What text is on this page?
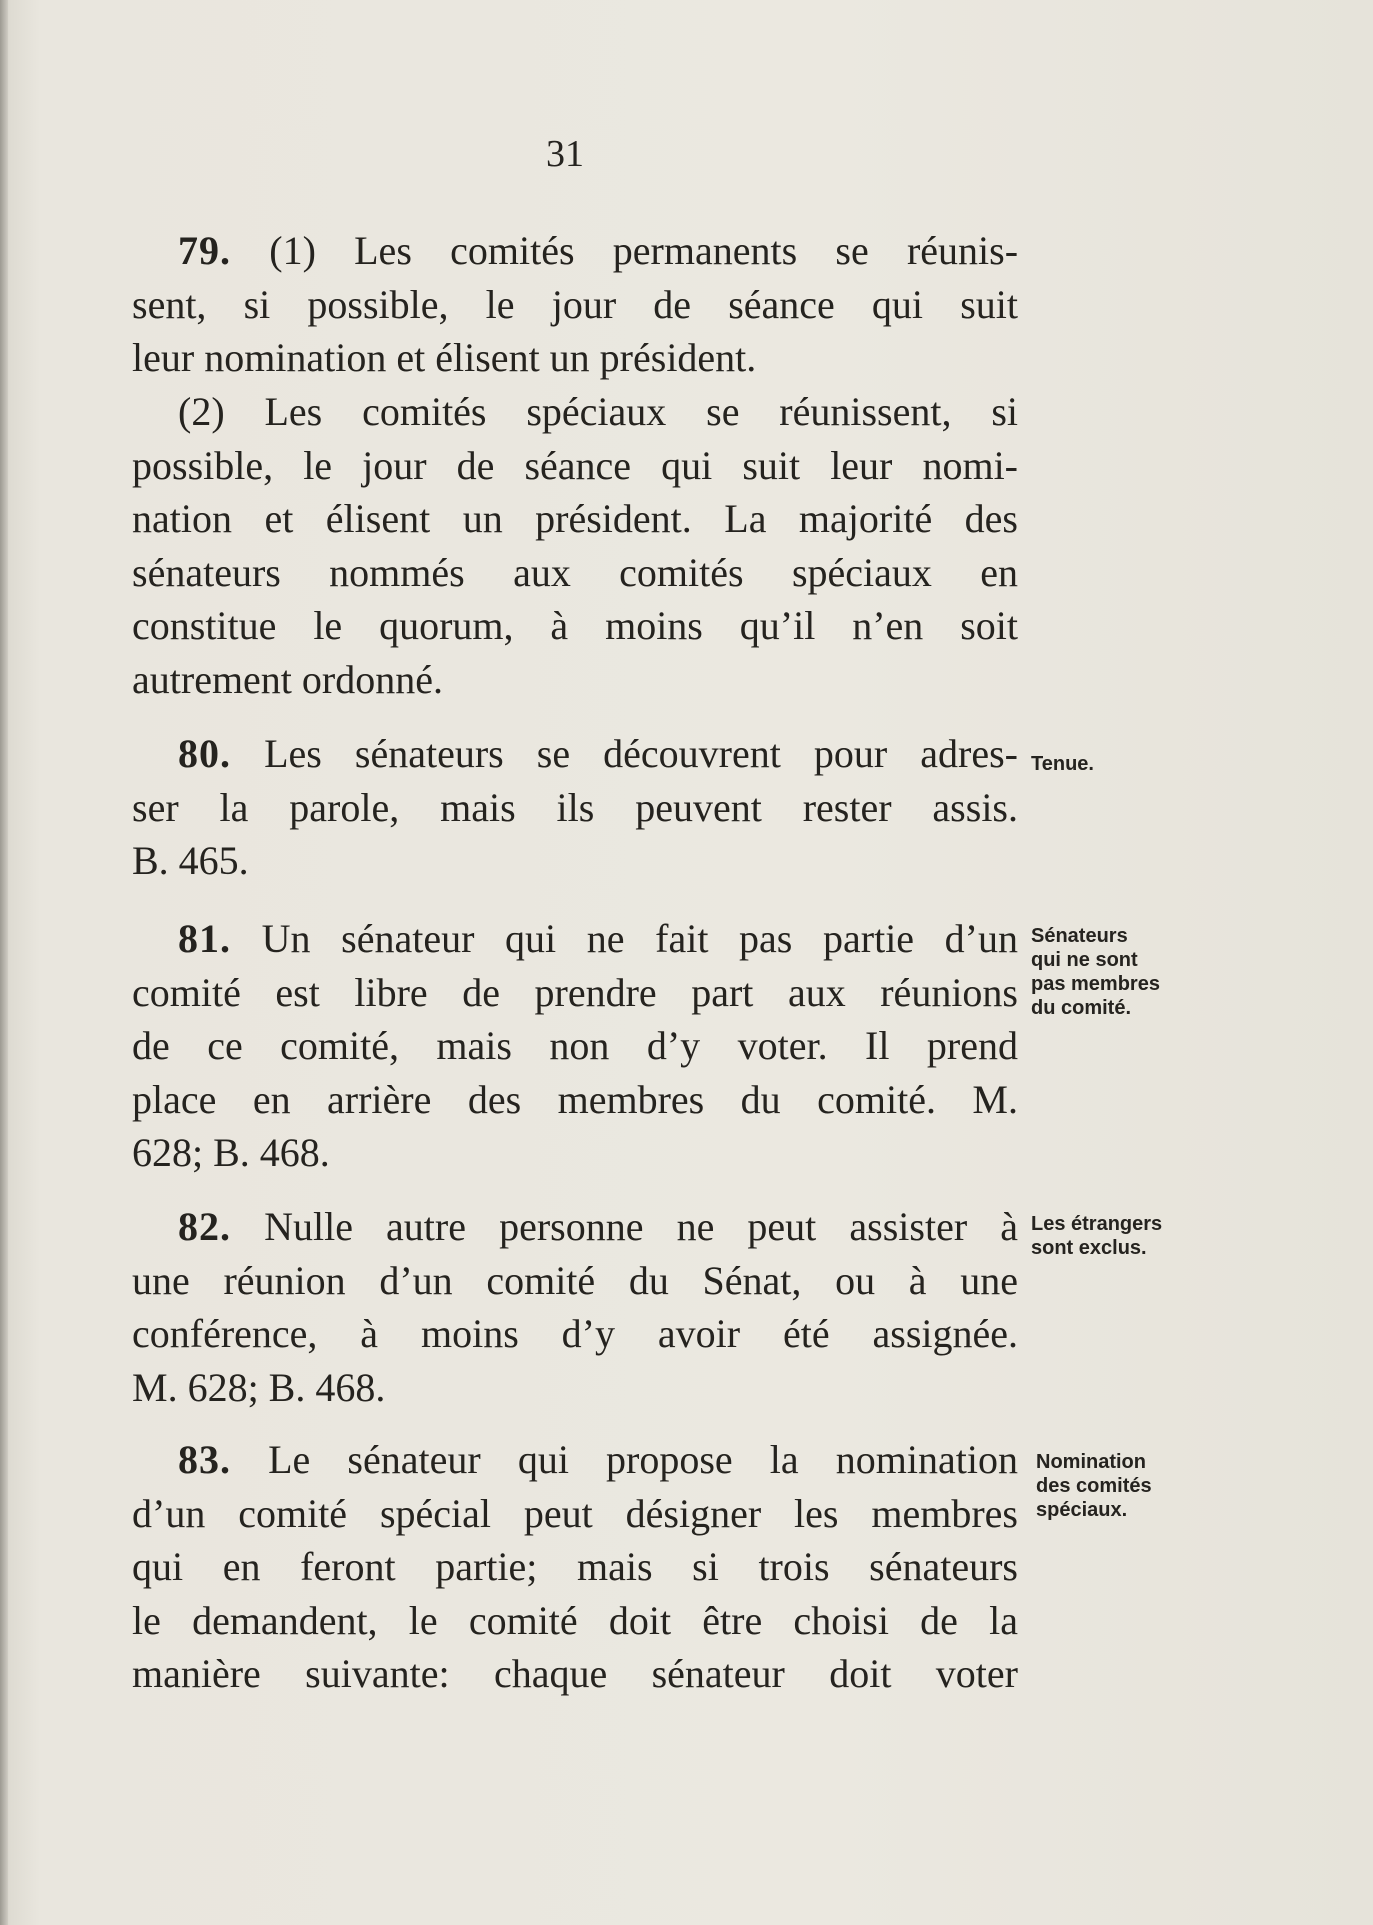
31
79. (1) Les comités permanents se réunis-
sent, si possible, le jour de séance qui suit
leur nomination et élisent un président.
(2) Les comités spéciaux se réunissent, si
possible, le jour de séance qui suit leur nomi-
nation et élisent un président. La majorité des
sénateurs nommés aux comités spéciaux en
constitue le quorum, à moins qu’il n’en soit
autrement ordonné.
80. Les sénateurs se découvrent pour adres-
ser la parole, mais ils peuvent rester assis.
B. 465.
81. Un sénateur qui ne fait pas partie d’un
comité est libre de prendre part aux réunions
de ce comité, mais non d’y voter. Il prend
place en arrière des membres du comité. M.
628; B. 468.
82. Nulle autre personne ne peut assister à
une réunion d’un comité du Sénat, ou à une
conférence, à moins d’y avoir été assignée.
M. 628; B. 468.
83. Le sénateur qui propose la nomination
d’un comité spécial peut désigner les membres
qui en feront partie; mais si trois sénateurs
le demandent, le comité doit être choisi de la
manière suivante: chaque sénateur doit voter
Tenue.
Sénateurs
qui ne sont
pas membres
du comité.
Les étrangers
sont exclus.
Nomination
des comités
spéciaux.
